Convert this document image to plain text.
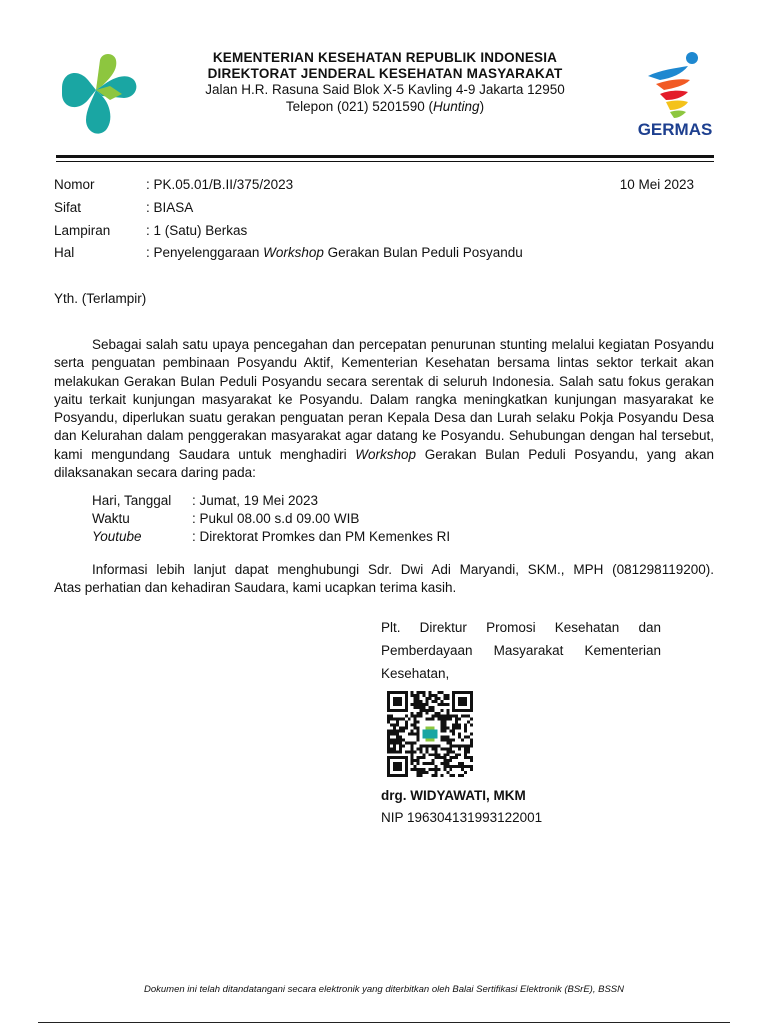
KEMENTERIAN KESEHATAN REPUBLIK INDONESIA
DIREKTORAT JENDERAL KESEHATAN MASYARAKAT
Jalan H.R. Rasuna Said Blok X-5 Kavling 4-9 Jakarta 12950
Telepon (021) 5201590 (Hunting)
GERMAS
Nomor	: PK.05.01/B.II/375/2023	10 Mei 2023
Sifat	: BIASA
Lampiran	: 1 (Satu) Berkas
Hal	: Penyelenggaraan Workshop Gerakan Bulan Peduli Posyandu
Yth. (Terlampir)

Sebagai salah satu upaya pencegahan dan percepatan penurunan stunting melalui kegiatan Posyandu serta penguatan pembinaan Posyandu Aktif, Kementerian Kesehatan bersama lintas sektor terkait akan melakukan Gerakan Bulan Peduli Posyandu secara serentak di seluruh Indonesia. Salah satu fokus gerakan yaitu terkait kunjungan masyarakat ke Posyandu. Dalam rangka meningkatkan kunjungan masyarakat ke Posyandu, diperlukan suatu gerakan penguatan peran Kepala Desa dan Lurah selaku Pokja Posyandu Desa dan Kelurahan dalam penggerakan masyarakat agar datang ke Posyandu. Sehubungan dengan hal tersebut, kami mengundang Saudara untuk menghadiri Workshop Gerakan Bulan Peduli Posyandu, yang akan dilaksanakan secara daring pada:

Hari, Tanggal : Jumat, 19 Mei 2023
Waktu	: Pukul 08.00 s.d 09.00 WIB
Youtube	: Direktorat Promkes dan PM Kemenkes RI
Informasi lebih lanjut dapat menghubungi Sdr. Dwi Adi Maryandi, SKM., MPH (081298119200).
Atas perhatian dan kehadiran Saudara, kami ucapkan terima kasih.
Plt. Direktur Promosi Kesehatan dan Pemberdayaan Masyarakat Kementerian Kesehatan,
drg. WIDYAWATI, MKM
NIP 196304131993122001
Dokumen ini telah ditandatangani secara elektronik yang diterbitkan oleh Balai Sertifikasi Elektronik (BSrE), BSSN
